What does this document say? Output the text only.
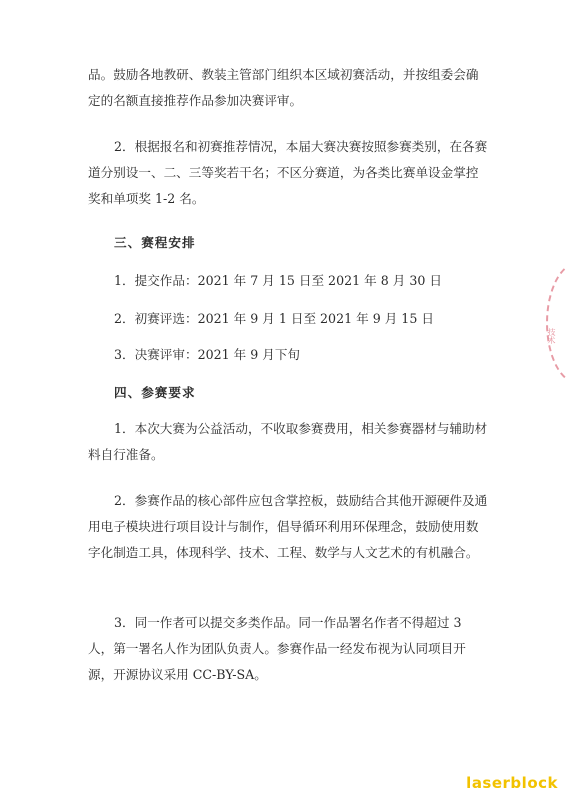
品。鼓励各地教研、教装主管部门组织本区域初赛活动，并按组委会确定的名额直接推荐作品参加决赛评审。

2．根据报名和初赛推荐情况，本届大赛决赛按照参赛类别，在各赛道分别设一、二、三等奖若干名；不区分赛道，为各类比赛单设金掌控奖和单项奖 1-2 名。

三、赛程安排

1．提交作品：2021 年 7 月 15 日至 2021 年 8 月 30 日

2．初赛评选：2021 年 9 月 1 日至 2021 年 9 月 15 日

3．决赛评审：2021 年 9 月下旬

四、参赛要求

1．本次大赛为公益活动，不收取参赛费用，相关参赛器材与辅助材料自行准备。

2．参赛作品的核心部件应包含掌控板，鼓励结合其他开源硬件及通用电子模块进行项目设计与制作，倡导循环利用环保理念，鼓励使用数字化制造工具，体现科学、技术、工程、数学与人文艺术的有机融合。

3．同一作者可以提交多类作品。同一作品署名作者不得超过 3 人，第一署名人作为团队负责人。参赛作品一经发布视为认同项目开源，开源协议采用 CC-BY-SA。

技术
laserblock
